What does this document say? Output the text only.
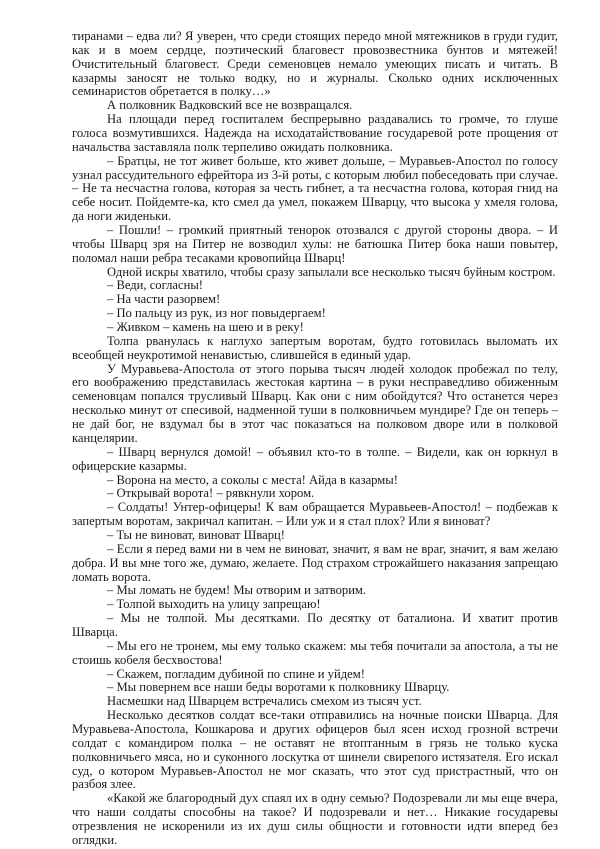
тиранами – едва ли? Я уверен, что среди стоящих передо мной мятежников в груди гудит, как и в моем сердце, поэтический благовест провозвестника бунтов и мятежей! Очистительный благовест. Среди семеновцев немало умеющих писать и читать. В казармы заносят не только водку, но и журналы. Сколько одних исключенных семинаристов обретается в полку…»

А полковник Вадковский все не возвращался.

На площади перед госпиталем беспрерывно раздавались то громче, то глуше голоса возмутившихся. Надежда на исходатайствование государевой роте прощения от начальства заставляла полк терпеливо ожидать полковника.

– Братцы, не тот живет больше, кто живет дольше, – Муравьев-Апостол по голосу узнал рассудительного ефрейтора из 3-й роты, с которым любил побеседовать при случае. – Не та несчастна голова, которая за честь гибнет, а та несчастна голова, которая гнид на себе носит. Пойдемте-ка, кто смел да умел, покажем Шварцу, что высока у хмеля голова, да ноги жиденьки.

– Пошли! – громкий приятный тенорок отозвался с другой стороны двора. – И чтобы Шварц зря на Питер не возводил хулы: не батюшка Питер бока наши повытер, поломал наши ребра тесаками кровопийца Шварц!

Одной искры хватило, чтобы сразу запылали все несколько тысяч буйным костром.

– Веди, согласны!

– На части разорвем!

– По пальцу из рук, из ног повыдергаем!

– Живком – камень на шею и в реку!

Толпа рванулась к наглухо запертым воротам, будто готовилась выломать их всеобщей неукротимой ненавистью, слившейся в единый удар.

У Муравьева-Апостола от этого порыва тысяч людей холодок пробежал по телу, его воображению представилась жестокая картина – в руки несправедливо обиженным семеновцам попался трусливый Шварц. Как они с ним обойдутся? Что останется через несколько минут от спесивой, надменной туши в полковничьем мундире? Где он теперь – не дай бог, не вздумал бы в этот час показаться на полковом дворе или в полковой канцелярии.

– Шварц вернулся домой! – объявил кто-то в толпе. – Видели, как он юркнул в офицерские казармы.

– Ворона на место, а соколы с места! Айда в казармы!

– Открывай ворота! – рявкнули хором.

– Солдаты! Унтер-офицеры! К вам обращается Муравьеев-Апостол! – подбежав к запертым воротам, закричал капитан. – Или уж и я стал плох? Или я виноват?

– Ты не виноват, виноват Шварц!

– Если я перед вами ни в чем не виноват, значит, я вам не враг, значит, я вам желаю добра. И вы мне того же, думаю, желаете. Под страхом строжайшего наказания запрещаю ломать ворота.

– Мы ломать не будем! Мы отворим и затворим.

– Толпой выходить на улицу запрещаю!

– Мы не толпой. Мы десятками. По десятку от баталиона. И хватит против Шварца.

– Мы его не тронем, мы ему только скажем: мы тебя почитали за апостола, а ты не стоишь кобеля бесхвостова!

– Скажем, погладим дубиной по спине и уйдем!

– Мы повернем все наши беды воротами к полковнику Шварцу.

Насмешки над Шварцем встречались смехом из тысяч уст.

Несколько десятков солдат все-таки отправились на ночные поиски Шварца. Для Муравьева-Апостола, Кошкарова и других офицеров был ясен исход грозной встречи солдат с командиром полка – не оставят не втоптанным в грязь не только куска полковничьего мяса, но и суконного лоскутка от шинели свирепого истязателя. Его искал суд, о котором Муравьев-Апостол не мог сказать, что этот суд пристрастный, что он разбоя злее.

«Какой же благородный дух спаял их в одну семью? Подозревали ли мы еще вчера, что наши солдаты способны на такое? И подозревали и нет… Никакие государевы отрезвления не искоренили из их душ силы общности и готовности идти вперед без оглядки.
